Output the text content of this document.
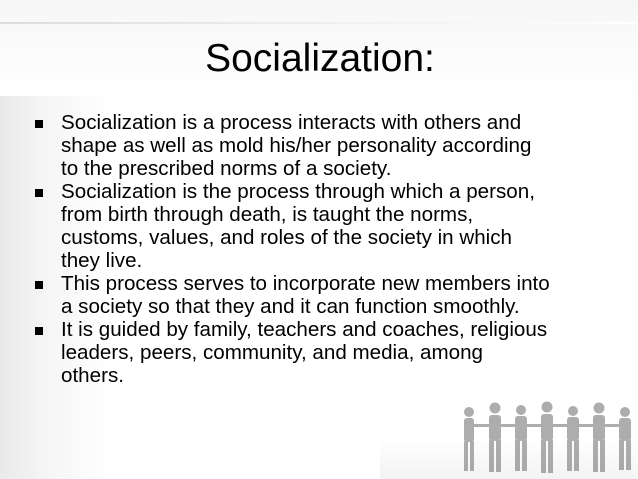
Socialization:
Socialization is a process interacts with others and
shape as well as mold his/her personality according
to the prescribed norms of a society.
Socialization is the process through which a person,
from birth through death, is taught the norms,
customs, values, and roles of the society in which
they live.
This process serves to incorporate new members into
a society so that they and it can function smoothly.
It is guided by family, teachers and coaches, religious
leaders, peers, community, and media, among
others.
